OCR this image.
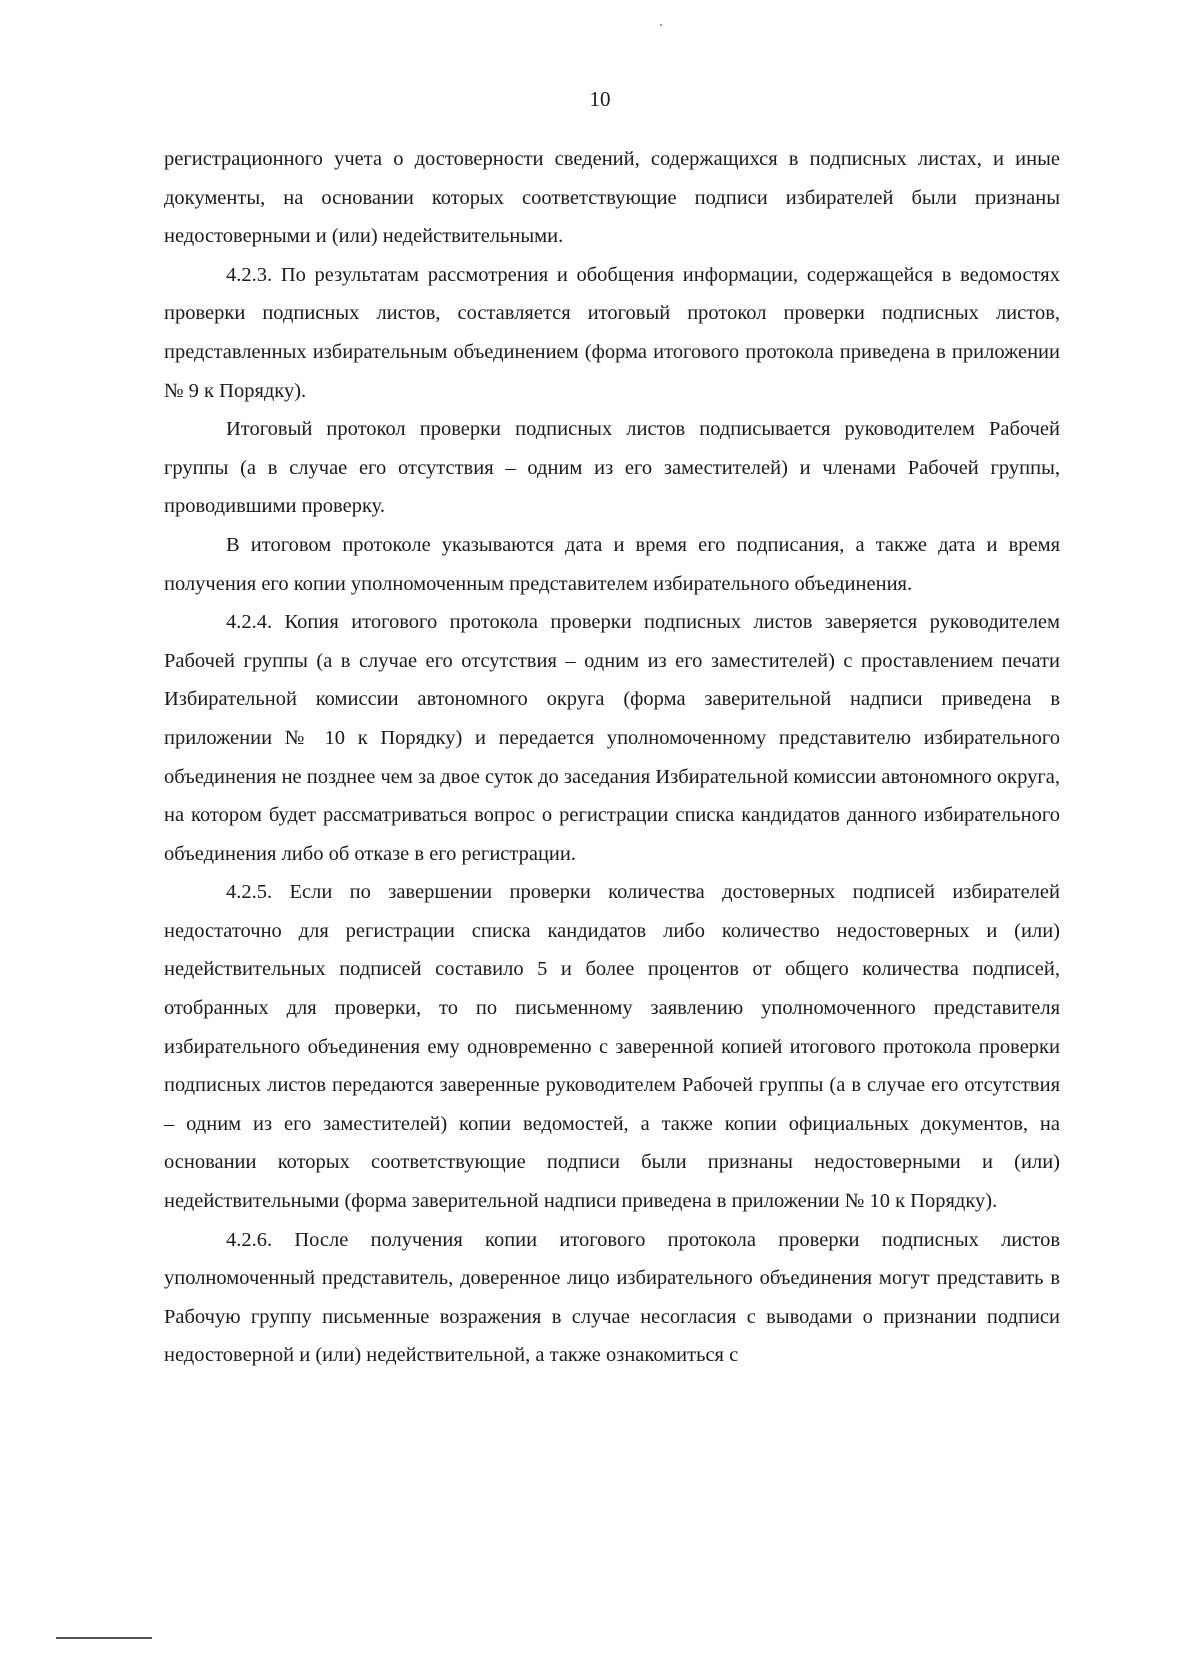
10

регистрационного учета о достоверности сведений, содержащихся в подписных листах, и иные документы, на основании которых соответствующие подписи избирателей были признаны недостоверными и (или) недействительными.

4.2.3. По результатам рассмотрения и обобщения информации, содержащейся в ведомостях проверки подписных листов, составляется итоговый протокол проверки подписных листов, представленных избирательным объединением (форма итогового протокола приведена в приложении № 9 к Порядку).

Итоговый протокол проверки подписных листов подписывается руководителем Рабочей группы (а в случае его отсутствия – одним из его заместителей) и членами Рабочей группы, проводившими проверку.

В итоговом протоколе указываются дата и время его подписания, а также дата и время получения его копии уполномоченным представителем избирательного объединения.

4.2.4. Копия итогового протокола проверки подписных листов заверяется руководителем Рабочей группы (а в случае его отсутствия – одним из его заместителей) с проставлением печати Избирательной комиссии автономного округа (форма заверительной надписи приведена в приложении № 10 к Порядку) и передается уполномоченному представителю избирательного объединения не позднее чем за двое суток до заседания Избирательной комиссии автономного округа, на котором будет рассматриваться вопрос о регистрации списка кандидатов данного избирательного объединения либо об отказе в его регистрации.

4.2.5. Если по завершении проверки количества достоверных подписей избирателей недостаточно для регистрации списка кандидатов либо количество недостоверных и (или) недействительных подписей составило 5 и более процентов от общего количества подписей, отобранных для проверки, то по письменному заявлению уполномоченного представителя избирательного объединения ему одновременно с заверенной копией итогового протокола проверки подписных листов передаются заверенные руководителем Рабочей группы (а в случае его отсутствия – одним из его заместителей) копии ведомостей, а также копии официальных документов, на основании которых соответствующие подписи были признаны недостоверными и (или) недействительными (форма заверительной надписи приведена в приложении № 10 к Порядку).

4.2.6. После получения копии итогового протокола проверки подписных листов уполномоченный представитель, доверенное лицо избирательного объединения могут представить в Рабочую группу письменные возражения в случае несогласия с выводами о признании подписи недостоверной и (или) недействительной, а также ознакомиться с
